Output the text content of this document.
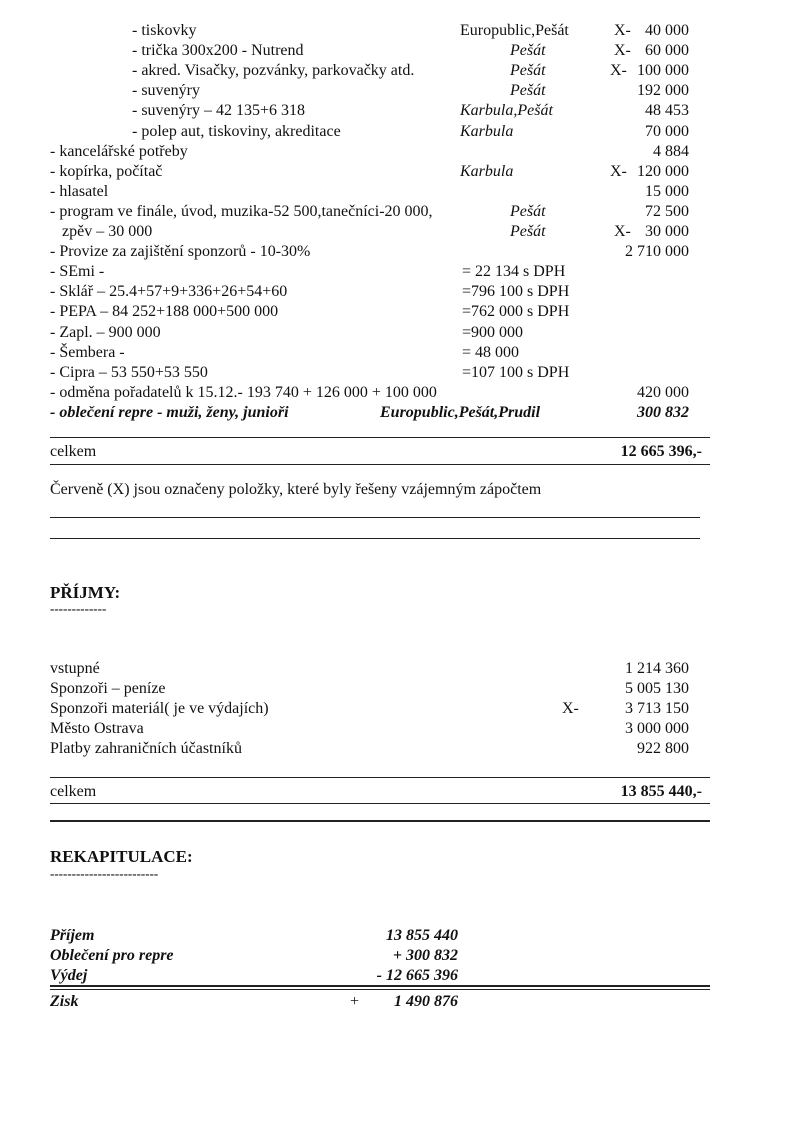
- tiskovky	Europublic,Pešát	X- 40 000
- trička 300x200 - Nutrend	Pešát	X- 60 000
- akred. Visačky, pozvánky, parkovačky atd.	Pešát	X- 100 000
- suvenýry	Pešát	192 000
- suvenýry – 42 135+6 318	Karbula,Pešát	48 453
- polep aut, tiskoviny, akreditace	Karbula	70 000
- kancelářské potřeby	4 884
- kopírka, počítač	Karbula	X- 120 000
- hlasatel	15 000
- program ve finále, úvod, muzika-52 500,tanečníci-20 000,	Pešát	72 500
zpěv – 30 000	Pešát	X- 30 000
- Provize za zajištění sponzorů - 10-30%	2 710 000
- SEmi -	= 22 134 s DPH
- Sklář – 25.4+57+9+336+26+54+60	=796 100 s DPH
- PEPA – 84 252+188 000+500 000	=762 000 s DPH
- Zapl. – 900 000	=900 000
- Šembera -	= 48 000
- Cipra – 53 550+53 550	=107 100 s DPH
- odměna pořadatelů k 15.12.- 193 740 + 126 000 + 100 000	420 000
- oblečení repre - muži, ženy, junioři	Europublic,Pešát,Prudil	300 832
celkem	12 665 396,-
Červeně (X) jsou označeny položky, které byly řešeny vzájemným zápočtem
PŘÍJMY:
-------------
vstupné	1 214 360
Sponzoři – peníze	5 005 130
Sponzoři materiál( je ve výdajích)	X-	3 713 150
Město Ostrava	3 000 000
Platby zahraničních účastníků	922 800
celkem	13 855 440,-
REKAPITULACE:
-------------------------
Příjem	13 855 440
Oblečení pro repre	+ 300 832
Výdej	- 12 665 396
Zisk	+ 1 490 876
